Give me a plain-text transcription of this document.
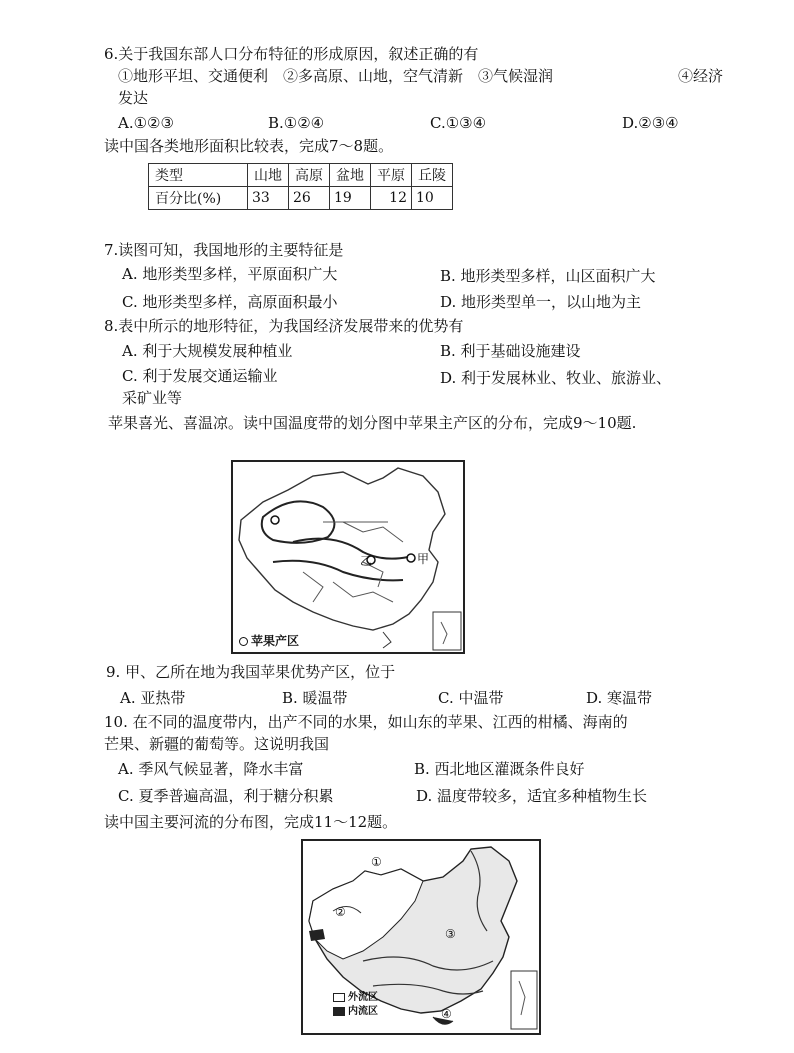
6.关于我国东部人口分布特征的形成原因，叙述正确的有
①地形平坦、交通便利　②多高原、山地，空气清新　③气候湿润	④经济
发达
A.①②③	B.①②④	C.①③④	D.②③④
读中国各类地形面积比较表，完成7～8题。
类型	山地	高原	盆地	平原	丘陵
百分比(%)	33	26	19	12	10
7.读图可知，我国地形的主要特征是
A. 地形类型多样，平原面积广大	B. 地形类型多样，山区面积广大
C. 地形类型多样，高原面积最小	D. 地形类型单一，以山地为主
8.表中所示的地形特征，为我国经济发展带来的优势有
A. 利于大规模发展种植业	B. 利于基础设施建设
C. 利于发展交通运输业	D. 利于发展林业、牧业、旅游业、
采矿业等
苹果喜光、喜温凉。读中国温度带的划分图中苹果主产区的分布，完成9～10题.
乙	甲
苹果产区
9. 甲、乙所在地为我国苹果优势产区，位于
A. 亚热带	B. 暖温带	C. 中温带	D. 寒温带
10. 在不同的温度带内，出产不同的水果，如山东的苹果、江西的柑橘、海南的
芒果、新疆的葡萄等。这说明我国
A. 季风气候显著，降水丰富	B. 西北地区灌溉条件良好
C. 夏季普遍高温，利于糖分积累	D. 温度带较多，适宜多种植物生长
读中国主要河流的分布图，完成11～12题。
①
②
③
④
外流区
内流区
